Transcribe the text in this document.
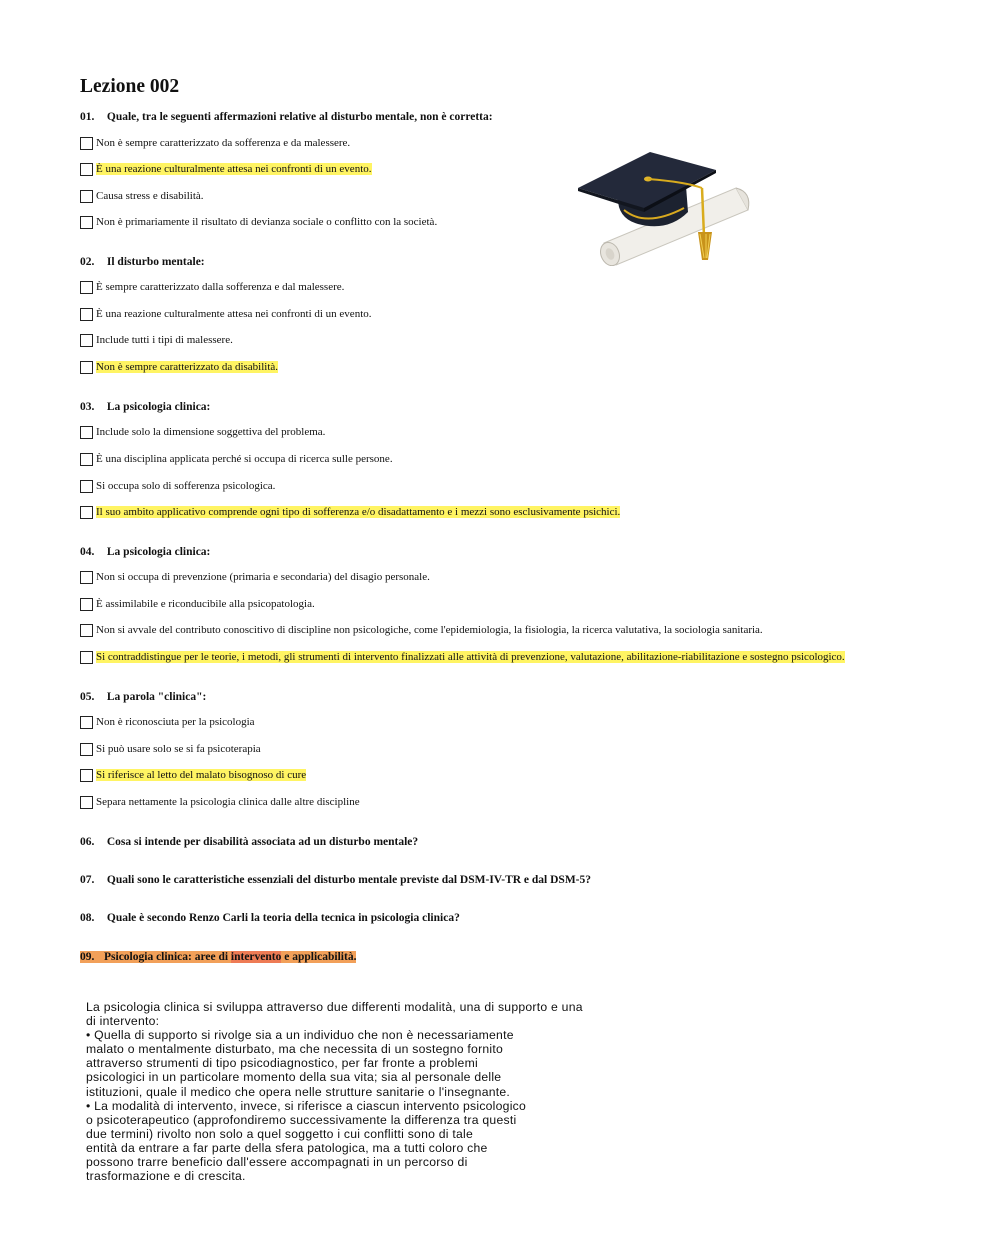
Lezione 002
01. Quale, tra le seguenti affermazioni relative al disturbo mentale, non è corretta:
Non è sempre caratterizzato da sofferenza e da malessere.
È una reazione culturalmente attesa nei confronti di un evento.
Causa stress e disabilità.
Non è primariamente il risultato di devianza sociale o conflitto con la società.
02. Il disturbo mentale:
È sempre caratterizzato dalla sofferenza e dal malessere.
È una reazione culturalmente attesa nei confronti di un evento.
Include tutti i tipi di malessere.
Non è sempre caratterizzato da disabilità.
03. La psicologia clinica:
Include solo la dimensione soggettiva del problema.
È una disciplina applicata perché si occupa di ricerca sulle persone.
Si occupa solo di sofferenza psicologica.
Il suo ambito applicativo comprende ogni tipo di sofferenza e/o disadattamento e i mezzi sono esclusivamente psichici.
04. La psicologia clinica:
Non si occupa di prevenzione (primaria e secondaria) del disagio personale.
È assimilabile e riconducibile alla psicopatologia.
Non si avvale del contributo conoscitivo di discipline non psicologiche, come l'epidemiologia, la fisiologia, la ricerca valutativa, la sociologia sanitaria.
Si contraddistingue per le teorie, i metodi, gli strumenti di intervento finalizzati alle attività di prevenzione, valutazione, abilitazione-riabilitazione e sostegno psicologico.
05. La parola "clinica":
Non è riconosciuta per la psicologia
Si può usare solo se si fa psicoterapia
Si riferisce al letto del malato bisognoso di cure
Separa nettamente la psicologia clinica dalle altre discipline
06. Cosa si intende per disabilità associata ad un disturbo mentale?
07. Quali sono le caratteristiche essenziali del disturbo mentale previste dal DSM-IV-TR e dal DSM-5?
08. Quale è secondo Renzo Carli la teoria della tecnica in psicologia clinica?
09. Psicologia clinica: aree di intervento e applicabilità.
La psicologia clinica si sviluppa attraverso due differenti modalità, una di supporto e una
di intervento:
• Quella di supporto si rivolge sia a un individuo che non è necessariamente
malato o mentalmente disturbato, ma che necessita di un sostegno fornito
attraverso strumenti di tipo psicodiagnostico, per far fronte a problemi
psicologici in un particolare momento della sua vita; sia al personale delle
istituzioni, quale il medico che opera nelle strutture sanitarie o l'insegnante.
• La modalità di intervento, invece, si riferisce a ciascun intervento psicologico
o psicoterapeutico (approfondiremo successivamente la differenza tra questi
due termini) rivolto non solo a quel soggetto i cui conflitti sono di tale
entità da entrare a far parte della sfera patologica, ma a tutti coloro che
possono trarre beneficio dall'essere accompagnati in un percorso di
trasformazione e di crescita.
